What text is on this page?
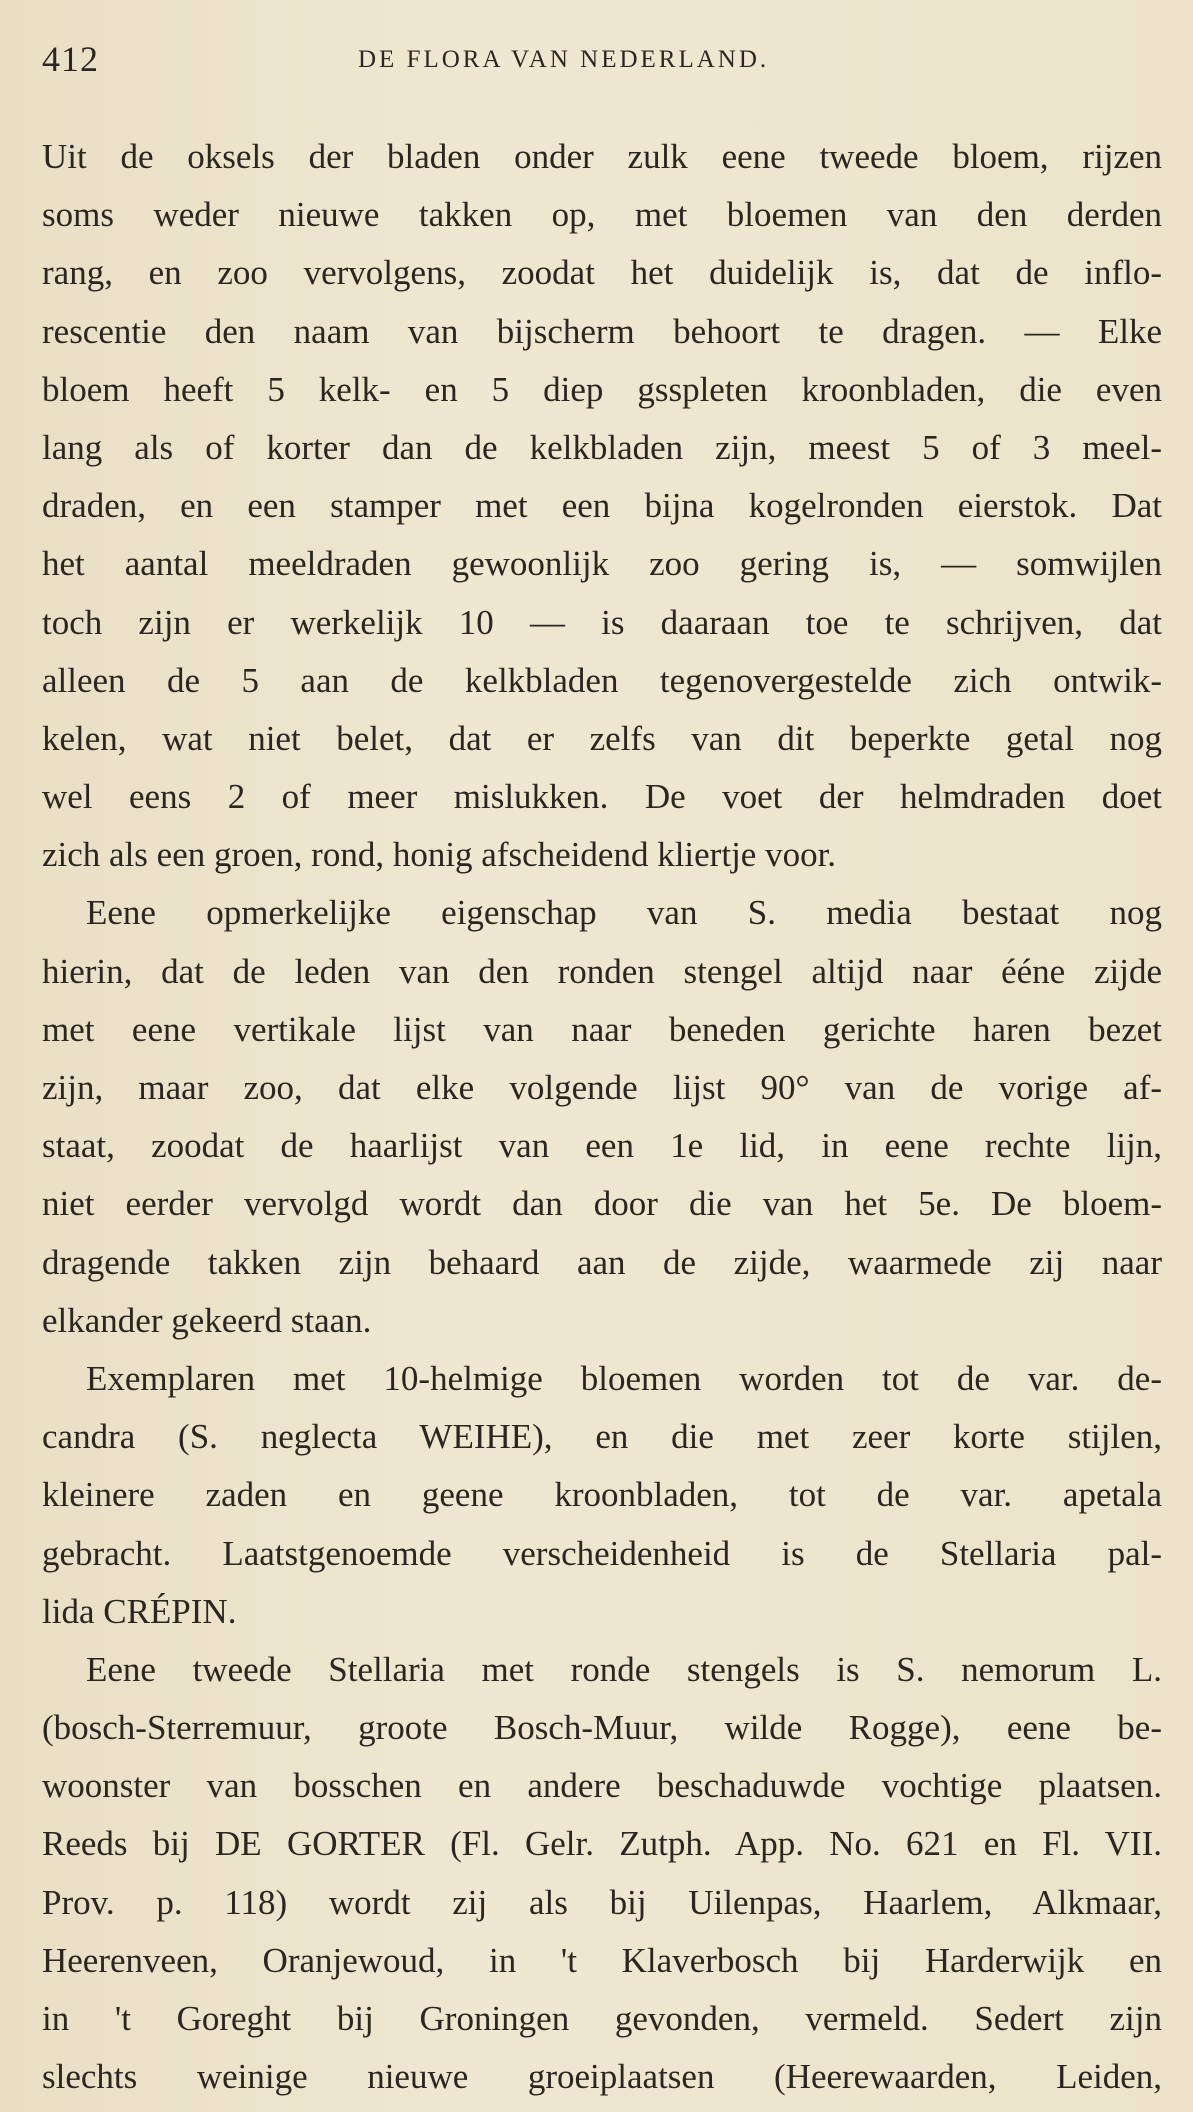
412	DE FLORA VAN NEDERLAND.
Uit de oksels der bladen onder zulk eene tweede bloem, rijzen
soms weder nieuwe takken op, met bloemen van den derden
rang, en zoo vervolgens, zoodat het duidelijk is, dat de inflo-
rescentie den naam van bijscherm behoort te dragen. — Elke
bloem heeft 5 kelk- en 5 diep gsspleten kroonbladen, die even
lang als of korter dan de kelkbladen zijn, meest 5 of 3 meel-
draden, en een stamper met een bijna kogelronden eierstok. Dat
het aantal meeldraden gewoonlijk zoo gering is, — somwijlen
toch zijn er werkelijk 10 — is daaraan toe te schrijven, dat
alleen de 5 aan de kelkbladen tegenovergestelde zich ontwik-
kelen, wat niet belet, dat er zelfs van dit beperkte getal nog
wel eens 2 of meer mislukken. De voet der helmdraden doet
zich als een groen, rond, honig afscheidend kliertje voor.
Eene opmerkelijke eigenschap van S. media bestaat nog
hierin, dat de leden van den ronden stengel altijd naar ééne zijde
met eene vertikale lijst van naar beneden gerichte haren bezet
zijn, maar zoo, dat elke volgende lijst 90° van de vorige af-
staat, zoodat de haarlijst van een 1e lid, in eene rechte lijn,
niet eerder vervolgd wordt dan door die van het 5e. De bloem-
dragende takken zijn behaard aan de zijde, waarmede zij naar
elkander gekeerd staan.
Exemplaren met 10-helmige bloemen worden tot de var. de-
candra (S. neglecta WEIHE), en die met zeer korte stijlen,
kleinere zaden en geene kroonbladen, tot de var. apetala
gebracht. Laatstgenoemde verscheidenheid is de Stellaria pal-
lida CRÉPIN.
Eene tweede Stellaria met ronde stengels is S. nemorum L.
(bosch-Sterremuur, groote Bosch-Muur, wilde Rogge), eene be-
woonster van bosschen en andere beschaduwde vochtige plaatsen.
Reeds bij DE GORTER (Fl. Gelr. Zutph. App. No. 621 en Fl. VII.
Prov. p. 118) wordt zij als bij Uilenpas, Haarlem, Alkmaar,
Heerenveen, Oranjewoud, in 't Klaverbosch bij Harderwijk en
in 't Goreght bij Groningen gevonden, vermeld. Sedert zijn
slechts weinige nieuwe groeiplaatsen (Heerewaarden, Leiden,
